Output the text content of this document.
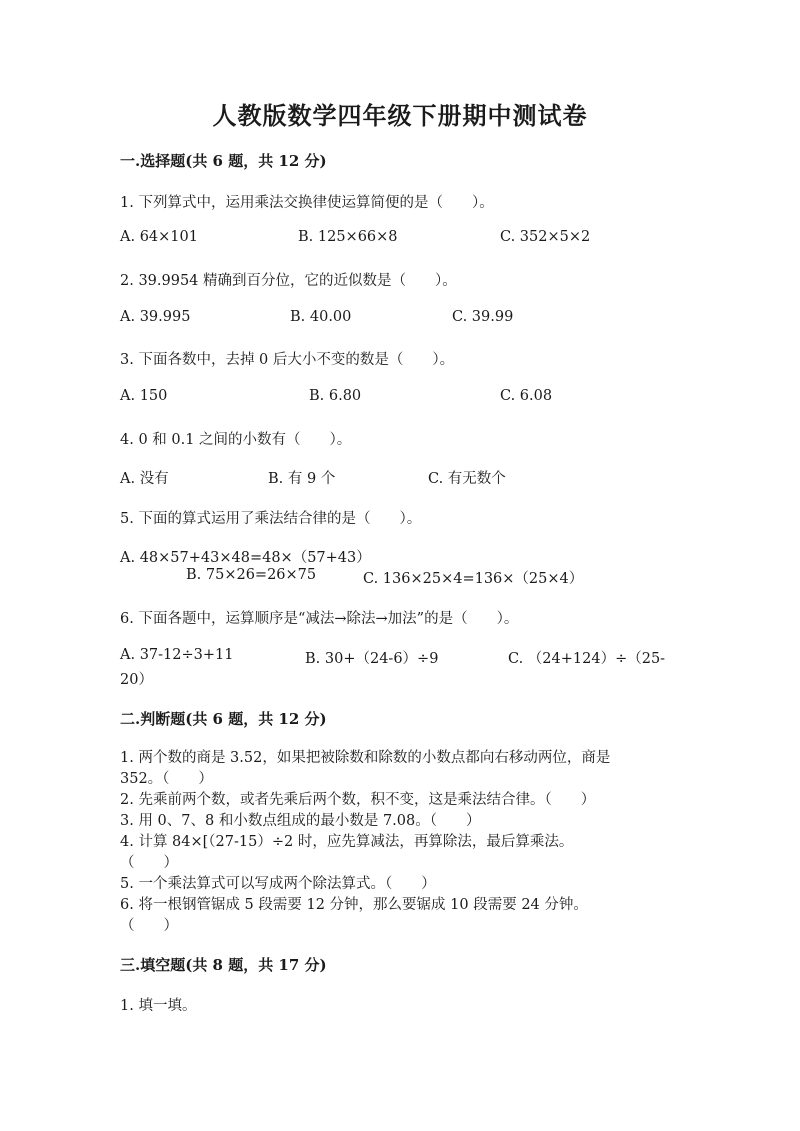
人教版数学四年级下册期中测试卷
一.选择题(共 6 题，共 12 分)
1. 下列算式中，运用乘法交换律使运算简便的是（　　）。
A. 64×101	B. 125×66×8	C. 352×5×2
2. 39.9954 精确到百分位，它的近似数是（　　）。
A. 39.995	B. 40.00	C. 39.99
3. 下面各数中，去掉 0 后大小不变的数是（　　）。
A. 150	B. 6.80	C. 6.08
4. 0 和 0.1 之间的小数有（　　）。
A. 没有	B. 有 9 个	C. 有无数个
5. 下面的算式运用了乘法结合律的是（　　）。
A. 48×57+43×48=48×（57+43）
B. 75×26=26×75	C. 136×25×4=136×（25×4）
6. 下面各题中，运算顺序是“减法→除法→加法”的是（　　）。
A. 37-12÷3+11	B. 30+（24-6）÷9	C. （24+124）÷（25-
20）
二.判断题(共 6 题，共 12 分)
1. 两个数的商是 3.52，如果把被除数和除数的小数点都向右移动两位，商是
352。（　　）
2. 先乘前两个数，或者先乘后两个数，积不变，这是乘法结合律。（　　）
3. 用 0、7、8 和小数点组成的最小数是 7.08。（　　）
4. 计算 84×[（27-15）÷2 时，应先算减法，再算除法，最后算乘法。
（　　）
5. 一个乘法算式可以写成两个除法算式。（　　）
6. 将一根钢管锯成 5 段需要 12 分钟，那么要锯成 10 段需要 24 分钟。
（　　）
三.填空题(共 8 题，共 17 分)
1. 填一填。
